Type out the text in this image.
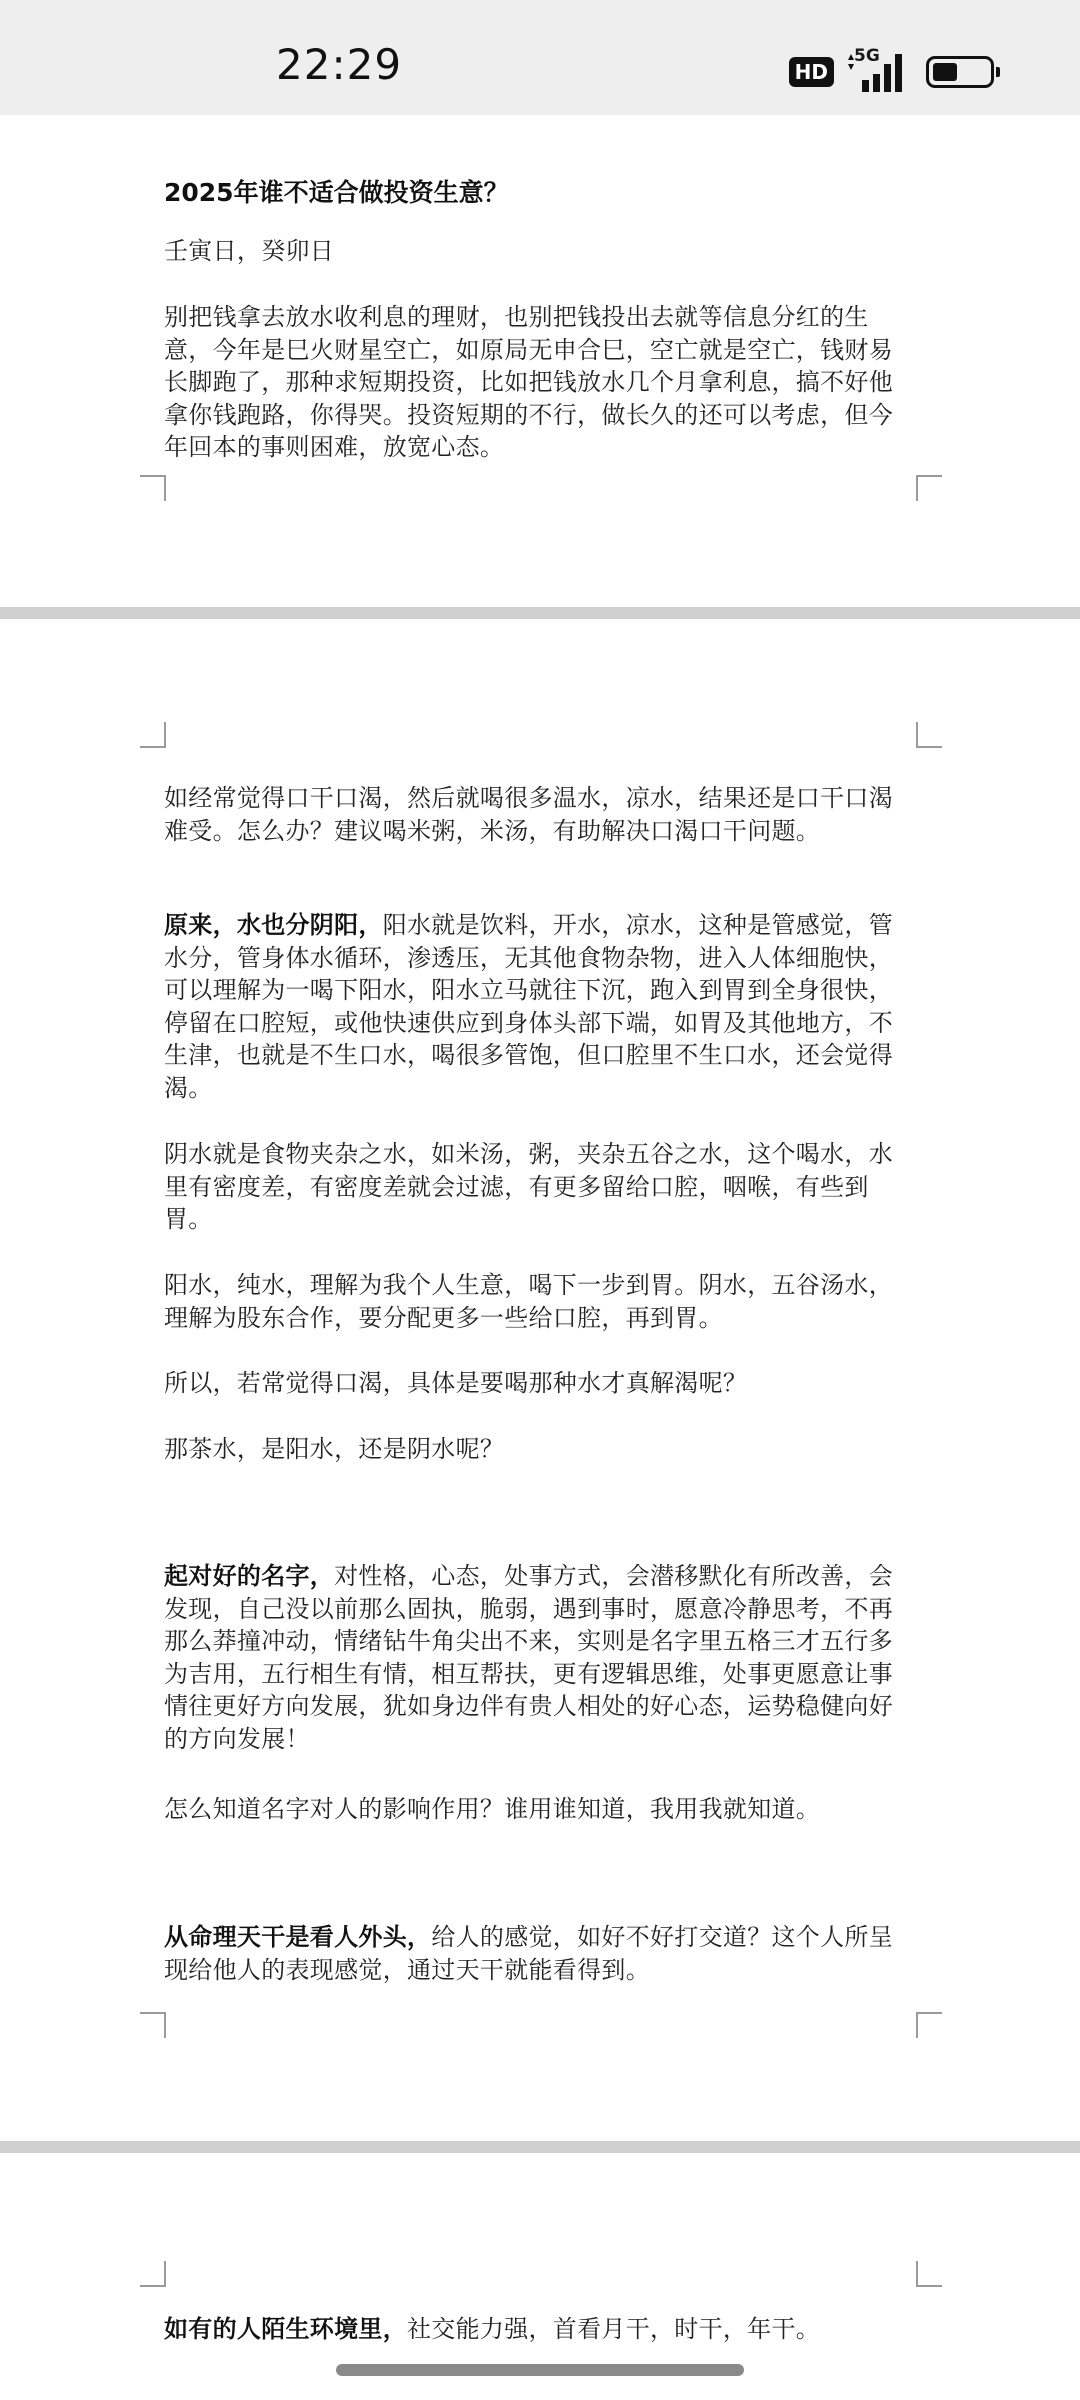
22:29	HD
5G
2025年谁不适合做投资生意？
壬寅日，癸卯日
别把钱拿去放水收利息的理财，也别把钱投出去就等信息分红的生意，今年是巳火财星空亡，如原局无申合巳，空亡就是空亡，钱财易长脚跑了，那种求短期投资，比如把钱放水几个月拿利息，搞不好他拿你钱跑路，你得哭。投资短期的不行，做长久的还可以考虑，但今年回本的事则困难，放宽心态。
如经常觉得口干口渴，然后就喝很多温水，凉水，结果还是口干口渴难受。怎么办？建议喝米粥，米汤，有助解决口渴口干问题。
原来，水也分阴阳，阳水就是饮料，开水，凉水，这种是管感觉，管水分，管身体水循环，渗透压，无其他食物杂物，进入人体细胞快，可以理解为一喝下阳水，阳水立马就往下沉，跑入到胃到全身很快，停留在口腔短，或他快速供应到身体头部下端，如胃及其他地方，不生津，也就是不生口水，喝很多管饱，但口腔里不生口水，还会觉得渴。
阴水就是食物夹杂之水，如米汤，粥，夹杂五谷之水，这个喝水，水里有密度差，有密度差就会过滤，有更多留给口腔，咽喉，有些到胃。
阳水，纯水，理解为我个人生意，喝下一步到胃。阴水，五谷汤水，理解为股东合作，要分配更多一些给口腔，再到胃。
所以，若常觉得口渴，具体是要喝那种水才真解渴呢？
那茶水，是阳水，还是阴水呢？
起对好的名字，对性格，心态，处事方式，会潜移默化有所改善，会发现，自己没以前那么固执，脆弱，遇到事时，愿意冷静思考，不再那么莽撞冲动，情绪钻牛角尖出不来，实则是名字里五格三才五行多为吉用，五行相生有情，相互帮扶，更有逻辑思维，处事更愿意让事情往更好方向发展，犹如身边伴有贵人相处的好心态，运势稳健向好的方向发展！
怎么知道名字对人的影响作用？谁用谁知道，我用我就知道。
从命理天干是看人外头，给人的感觉，如好不好打交道？这个人所呈现给他人的表现感觉，通过天干就能看得到。
如有的人陌生环境里，社交能力强，首看月干，时干，年干。
